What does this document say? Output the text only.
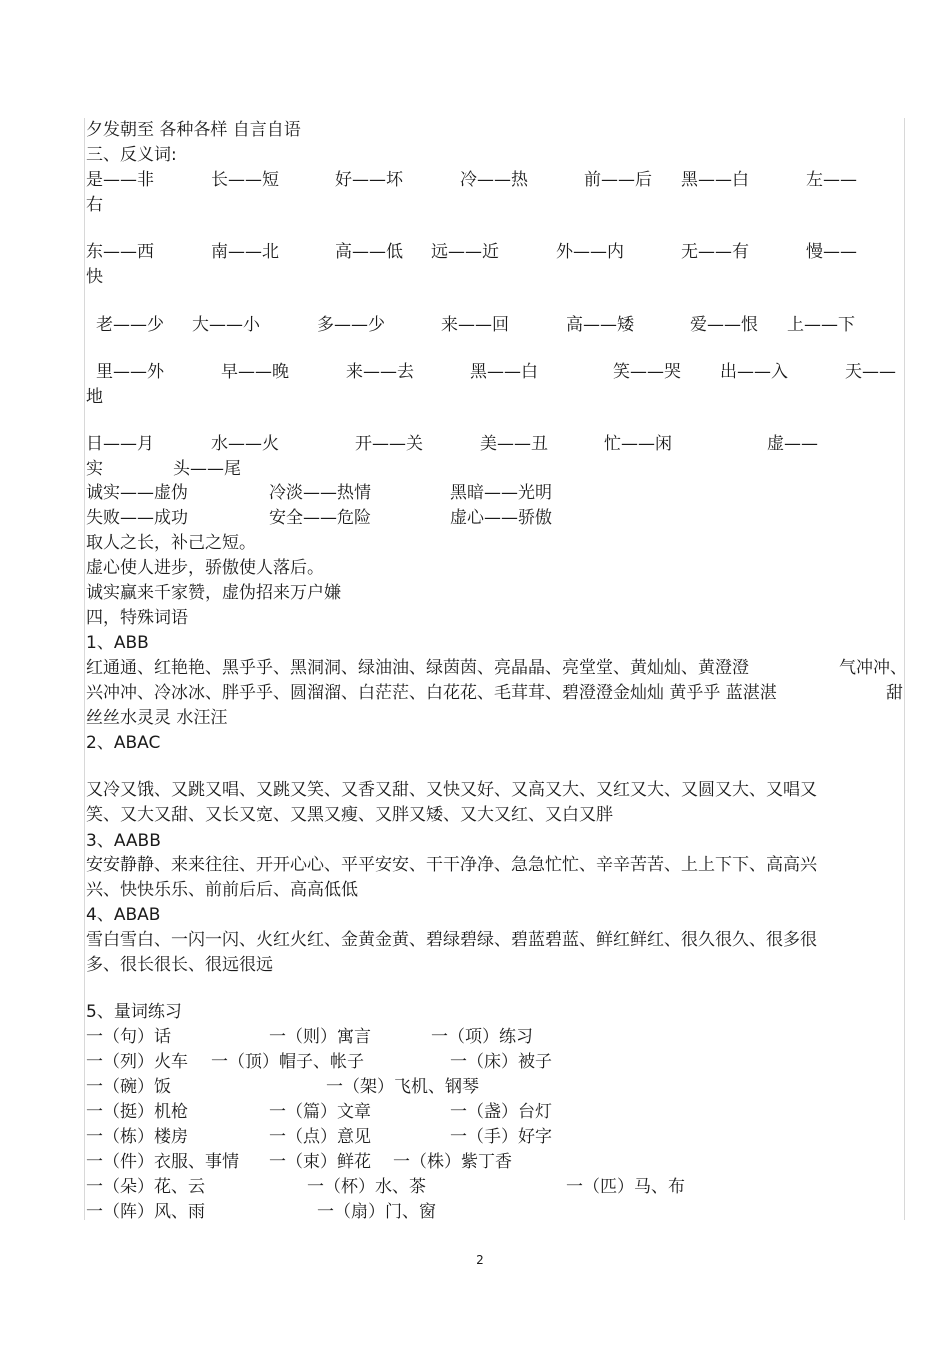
夕发朝至 各种各样 自言自语
三、反义词:
是——非	长——短	好——坏	冷——热	前——后 黑——白	左——
右
东——西	南——北	高——低 远——近	外——内	无——有	慢——
快
老——少 大——小	多——少	来——回	高——矮	爱——恨 上——下
里——外	早——晚	来——去	黑——白	笑——哭 出——入	天——
地
日——月	水——火	开——关	美——丑	忙——闲	虚——
实	头——尾
诚实——虚伪	冷淡——热情	黑暗——光明
失败——成功	安全——危险	虚心——骄傲
取人之长，补己之短。
虚心使人进步，骄傲使人落后。
诚实赢来千家赞，虚伪招来万户嫌
四，特殊词语
1、ABB
红通通、红艳艳、黑乎乎、黑洞洞、绿油油、绿茵茵、亮晶晶、亮堂堂、黄灿灿、黄澄澄	气冲冲、
兴冲冲、冷冰冰、胖乎乎、圆溜溜、白茫茫、白花花、毛茸茸、碧澄澄金灿灿 黄乎乎 蓝湛湛	甜
丝丝水灵灵 水汪汪
2、ABAC
又冷又饿、又跳又唱、又跳又笑、又香又甜、又快又好、又高又大、又红又大、又圆又大、又唱又
笑、又大又甜、又长又宽、又黑又瘦、又胖又矮、又大又红、又白又胖
3、AABB
安安静静、来来往往、开开心心、平平安安、干干净净、急急忙忙、辛辛苦苦、上上下下、高高兴
兴、快快乐乐、前前后后、高高低低
4、ABAB
雪白雪白、一闪一闪、火红火红、金黄金黄、碧绿碧绿、碧蓝碧蓝、鲜红鲜红、很久很久、很多很
多、很长很长、很远很远
5、量词练习
一（句）话	一（则）寓言	一（项）练习
一（列）火车 一（顶）帽子、帐子	一（床）被子
一（碗）饭	一（架）飞机、钢琴
一（挺）机枪	一（篇）文章	一（盏）台灯
一（栋）楼房	一（点）意见	一（手）好字
一（件）衣服、事情 一（束）鲜花 一（株）紫丁香
一（朵）花、云	一（杯）水、茶	一（匹）马、布
一（阵）风、雨	一（扇）门、窗
2
